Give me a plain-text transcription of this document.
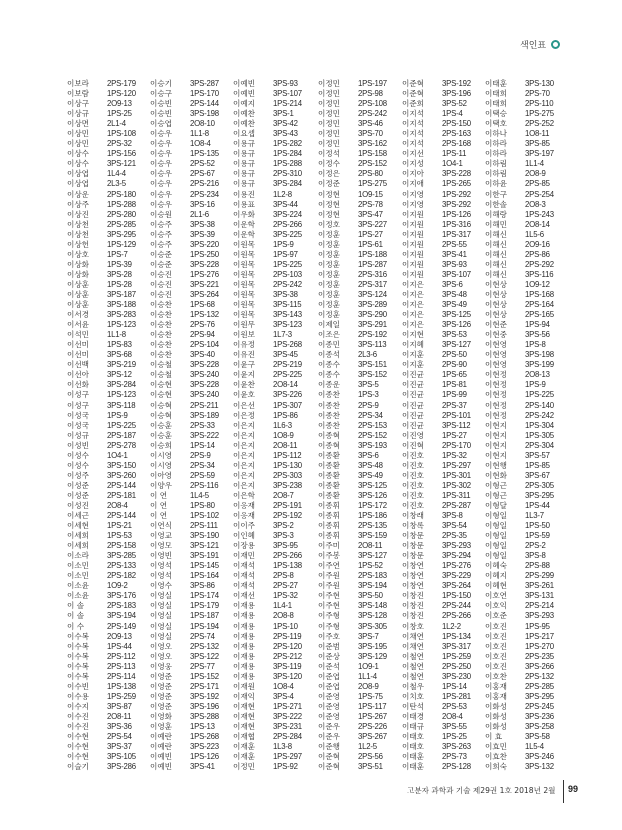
색인표
이보라 2PS-179 이승기 3PS-287 이예빈 3PS-93	이정민 1PS-197 이준혁 3PS-192 이태훈 3PS-130
이보람 1PS-120 이승구 1PS-170 이예빈 3PS-107 이정민 2PS-98	이준혁 3PS-196 이태희 2PS-70
이상구 2O9-13 이승빈 2PS-144 이예지 1PS-214 이정민 2PS-108 이준희 3PS-52 이태희 2PS-110
이상규 1PS-25 이승빈 3PS-198 이예찬 3PS-1	이정민 2PS-242 이지석 1PS-4	이택승 1PS-275
이상면 2L1-4	이승엽 2O8-10 이예찬 3PS-42	이정민 3PS-46	이지석 2PS-150 이택호 2PS-252
이상민 1PS-108 이승우 1L1-8	이요셉 3PS-43	이정민 3PS-70	이지석 2PS-163 이하나 1O8-11
이상민 2PS-32 이승우 1O8-4	이용규 1PS-282 이정민 3PS-162 이지석 2PS-168 이하라 3PS-85
이상수 1PS-156 이승우 1PS-135 이용규 1PS-284 이정석 1PS-158 이지선 1PS-11 이하라 3PS-197
이상수 3PS-121 이승우 2PS-52 이용규 1PS-288 이정수 2PS-152 이지성 1O4-1	이하림 1L1-4
이상엽 1L4-4	이승우 2PS-67 이용규 2PS-310 이정은 2PS-80	이지아 3PS-228 이하림 2O8-9
이상엽 2L3-5	이승우 2PS-216 이용규 3PS-284 이정준 1PS-275 이지애 1PS-265 이하윤 2PS-85
이상운 2PS-180 이승우 2PS-234 이용진 1L2-8	이정현 1O9-15	이지영 1PS-292 이한구 2PS-254
이상주 1PS-288 이승우 3PS-16 이용표 3PS-44	이정현 2PS-78	이지영 3PS-292 이한솔 2O8-3
이상진 2PS-280 이승원 2L1-6	이우화 3PS-224 이정현 3PS-47	이지원 1PS-126 이해랑 1PS-243
이상천 2PS-285 이승주 3PS-38 이운학 2PS-266 이정호 3PS-227 이지원 1PS-316 이해민 2O8-14
이상천 3PS-295 이승주 3PS-39 이운학 3PS-225 이정훈 1PS-27	이지원 1PS-317 이해신 1L5-6
이상헌 1PS-129 이승주 3PS-220 이원목 1PS-9	이정훈 1PS-61	이지원 2PS-55 이해신 2O9-16
이상호 1PS-7	이승준 1PS-250 이원목 1PS-97	이정훈 1PS-188 이지원 3PS-41 이해신 2PS-86
이상화 1PS-39 이승준 3PS-228 이원목 1PS-225 이정훈 1PS-287 이지원 3PS-93 이해신 2PS-292
이상화 3PS-28 이승진 1PS-276 이원목 2PS-103 이정훈 2PS-316 이지원 3PS-107 이해신 3PS-116
이상훈 1PS-28 이승진 3PS-221 이원목 2PS-242 이정훈 2PS-317 이지은 3PS-6	이현상 1O9-12
이상훈 3PS-187 이승진 3PS-264 이원목 3PS-38	이정훈 3PS-124 이지은 3PS-48 이현상 1PS-168
이상훈 3PS-188 이승찬 1PS-68 이원목 3PS-115 이정훈 3PS-289 이지은 3PS-49 이현상 2PS-164
이서경 3PS-283 이승찬 1PS-132 이원목 3PS-143 이정훈 3PS-290 이지은 3PS-125 이현상 2PS-165
이서윤 1PS-123 이승찬 2PS-76 이원무 3PS-123 이제일 3PS-291 이지은 3PS-126 이현준 1PS-94
이석민 1L1-8	이승찬 2PS-94 이원보 1L7-3	이조은 2PS-192 이지현 3PS-53 이현중 3PS-56
이선미 1PS-83 이승찬 2PS-104 이유정 1PS-268 이종민 3PS-113 이지혜 3PS-127 이현영 1PS-8
이선미 3PS-68 이승찬 3PS-40 이유진 3PS-45	이종석 2L3-6	이지훈 2PS-50 이현영 3PS-198
이선백 3PS-219 이승철 3PS-228 이윤구 2PS-219 이종수 3PS-151 이지훈 2PS-90 이현영 3PS-199
이선아 3PS-12 이승철 3PS-240 이윤지 2PS-225 이종수 3PS-152 이진균 1PS-65 이현정 2O8-13
이선화 3PS-284 이승현 3PS-228 이윤찬 2O8-14	이종운 3PS-5	이진균 1PS-81 이현정 1PS-9
이성구 1PS-123 이승현 3PS-240 이윤호 3PS-226 이종찬 1PS-3	이진균 1PS-99 이현정 1PS-225
이성구 3PS-118 이승혁 2PS-211 이은선 1PS-307 이종찬 2PS-9	이진균 2PS-37 이현정 2PS-140
이성국 1PS-9	이승혁 3PS-189 이은정 1PS-86	이종찬 2PS-34	이진균 2PS-101 이현정 2PS-242
이성국 1PS-225 이승훈 2PS-33 이은지 1L6-3	이종찬 2PS-153 이진균 3PS-112 이현지 1PS-304
이성규 2PS-187 이승훈 3PS-222 이은지 1O8-9	이종혁 2PS-152 이진영 1PS-27 이현지 1PS-305
이성빈 2PS-278 이승희 1PS-14 이은지 2O8-11	이종혁 3PS-193 이진혁 2PS-170 이현지 2PS-304
이성수 1O4-1	이시영 2PS-9	이은지 1PS-112 이종환 3PS-6	이진호 1PS-32 이현지 3PS-57
이성수 3PS-150 이시영 2PS-34 이은지 1PS-130 이종환 3PS-48	이진호 1PS-297 이현행 1PS-85
이성주 3PS-260 이아영 2PS-59 이은지 2PS-303 이종환 3PS-49	이진호 1PS-301 이현화 3PS-67
이성준 2PS-144 이양우 2PS-116 이은지 3PS-238 이종환 3PS-125 이진호 1PS-302 이형근 2PS-305
이성준 2PS-181 이 연	1L4-5	이은학 2O8-7	이종환 3PS-126 이진호 1PS-311 이형근 3PS-295
이성진 2O8-4	이 연	1PS-80 이응재 2PS-191 이종휘 1PS-172 이진호 2PS-287 이형달 1PS-44
이세근 2PS-144 이 연	1PS-102 이응재 2PS-192 이종휘 1PS-186 이창래 3PS-8	이형일 1L3-7
이세현 1PS-21 이연식 2PS-111 이이주 3PS-2	이종휘 2PS-135 이창록 3PS-54 이형일 1PS-50
이세희 1PS-53 이영교 3PS-190 이인혜 3PS-3	이종휘 3PS-159 이창문 2PS-35 이형일 1PS-59
이세희 2PS-158 이영모 3PS-121 이장용 3PS-95	이주미 2O8-11	이창문 3PS-293 이형일 2PS-2
이소라 3PS-285 이영빈 3PS-191 이재민 2PS-266 이주봉 3PS-127 이창문 3PS-294 이형일 3PS-8
이소민 2PS-133 이영석 1PS-145 이재석 1PS-138 이주연 1PS-52	이창연 1PS-276 이혜숙 2PS-88
이소민 2PS-182 이영석 1PS-164 이재석 2PS-8	이주원 2PS-183 이창연 3PS-229 이혜지 2PS-299
이소윤 1O9-2	이영수 3PS-86 이재석 2PS-27	이주원 3PS-194 이창연 3PS-264 이혜현 3PS-261
이소윤 3PS-176 이영실 1PS-174 이재선 1PS-32	이주현 3PS-50	이창진 1PS-150 이호연 3PS-131
이 솔	2PS-183 이영실 1PS-179 이재용 1L4-1	이주현 3PS-148 이창진 2PS-244 이호익 2PS-214
이 솔	3PS-194 이영실 1PS-187 이재용 2O8-8	이주형 3PS-128 이창진 2PS-266 이호준 3PS-293
이 수	2PS-149 이영실 1PS-194 이재용 1PS-10	이주형 3PS-305 이창호 1L2-2	이호진 1PS-95
이수복 2O9-13 이영실 2PS-74 이재용 2PS-119 이주호 3PS-7	이채연 1PS-134 이호진 1PS-217
이수복 1PS-44 이영오 2PS-132 이재용 2PS-120 이준범 3PS-195 이채연 3PS-317 이호진 1PS-270
이수복 2PS-112 이영오 3PS-122 이재용 2PS-212 이준상 3PS-129 이철연 1PS-259 이호진 2PS-235
이수복 2PS-113 이영웅 2PS-77 이재용 3PS-119 이준석 1O9-1	이철연 2PS-250 이호진 3PS-266
이수복 2PS-114 이영준 1PS-152 이재용 3PS-120 이준엽 1L1-4	이철연 3PS-230 이호찬 2PS-132
이수빈 1PS-138 이영준 2PS-171 이재원 1O8-4	이준엽 2O8-9	이철우 1PS-14 이홍재 2PS-285
이수용 1PS-259 이영준 3PS-192 이재익 3PS-4	이준영 1PS-75	이치호 1PS-281 이홍재 3PS-295
이수지 3PS-87 이영준 3PS-196 이재현 1PS-271 이준영 1PS-117 이탄석 2PS-53 이화성 2PS-245
이수진 2O8-11 이영화 3PS-288 이재현 3PS-222 이준영 1PS-267 이태경 2O8-4	이화성 3PS-236
이수진 3PS-36 이영훈 1PS-13 이재현 3PS-231 이준우 2PS-226 이태규 3PS-55 이화성 3PS-258
이수현 2PS-54 이예란 1PS-268 이재협 2PS-284 이준우 3PS-267 이태호 1PS-25 이 효	3PS-58
이수현 3PS-37 이예란 3PS-223 이재훈 1L3-8	이준행 1L2-5	이태호 3PS-263 이효민 1L5-4
이수현 3PS-105 이예빈 1PS-126 이재훈 1PS-297 이준혁 2PS-56	이태훈 2PS-73 이효찬 3PS-246
이슬기 3PS-286 이예빈 3PS-41 이정민 1PS-92	이준혁 3PS-51	이태훈 2PS-128 이희숙 3PS-132
고분자 과학과 기술 제29권 1호 2018년 2월 99
